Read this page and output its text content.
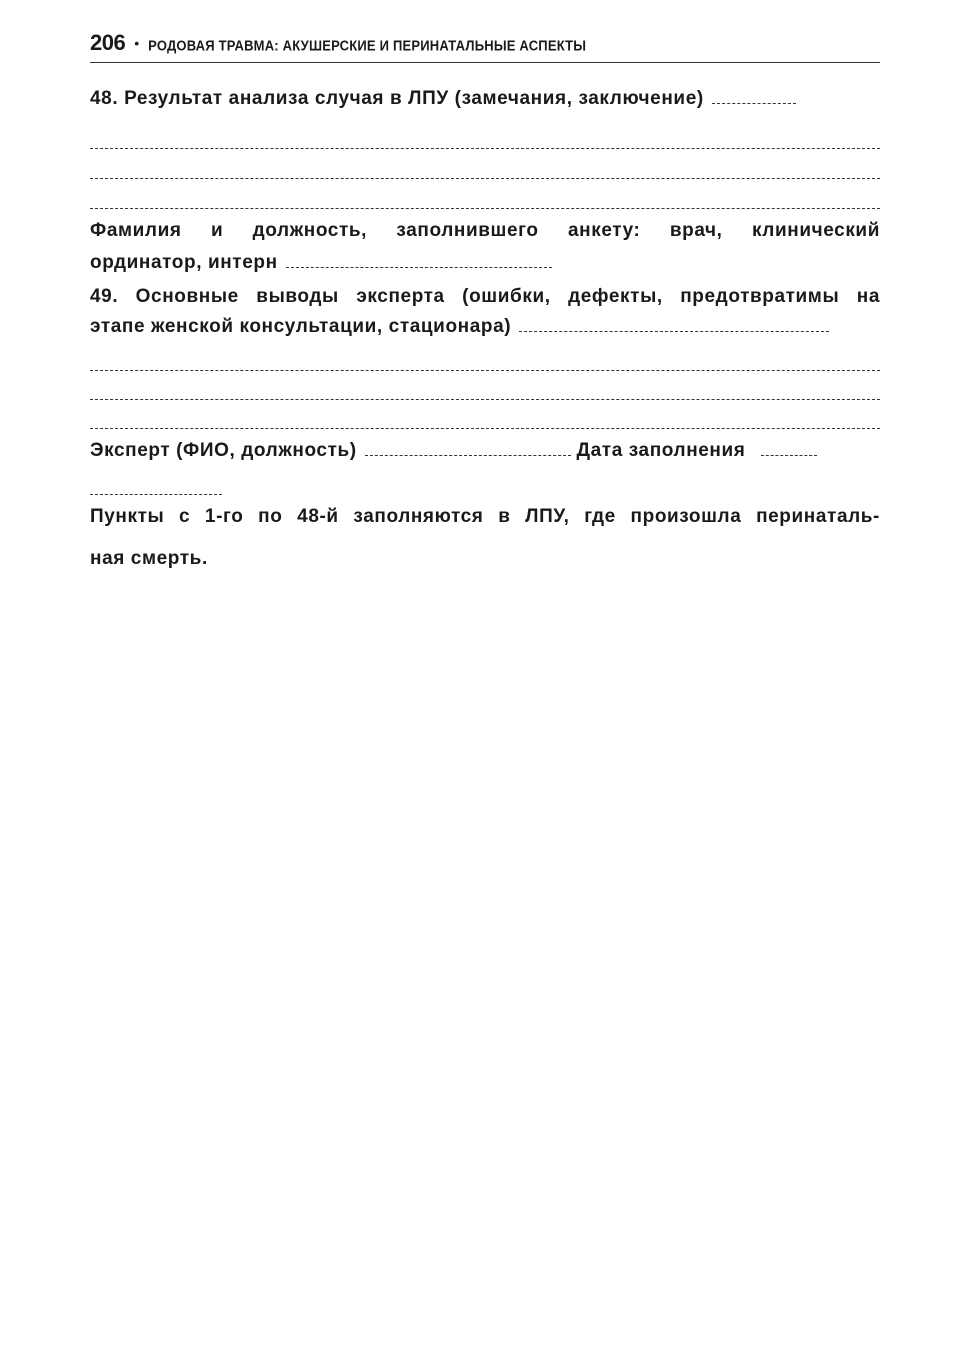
206 • РОДОВАЯ ТРАВМА: АКУШЕРСКИЕ И ПЕРИНАТАЛЬНЫЕ АСПЕКТЫ
48. Результат анализа случая в ЛПУ (замечания, заключение)
Фамилия и должность, заполнившего анкету: врач, клинический
ординатор, интерн
49. Основные выводы эксперта (ошибки, дефекты, предотвратимы на
этапе женской консультации, стационара)
Эксперт (ФИО, должность)	Дата заполнения
Пункты с 1-го по 48-й заполняются в ЛПУ, где произошла перинаталь-
ная смерть.
